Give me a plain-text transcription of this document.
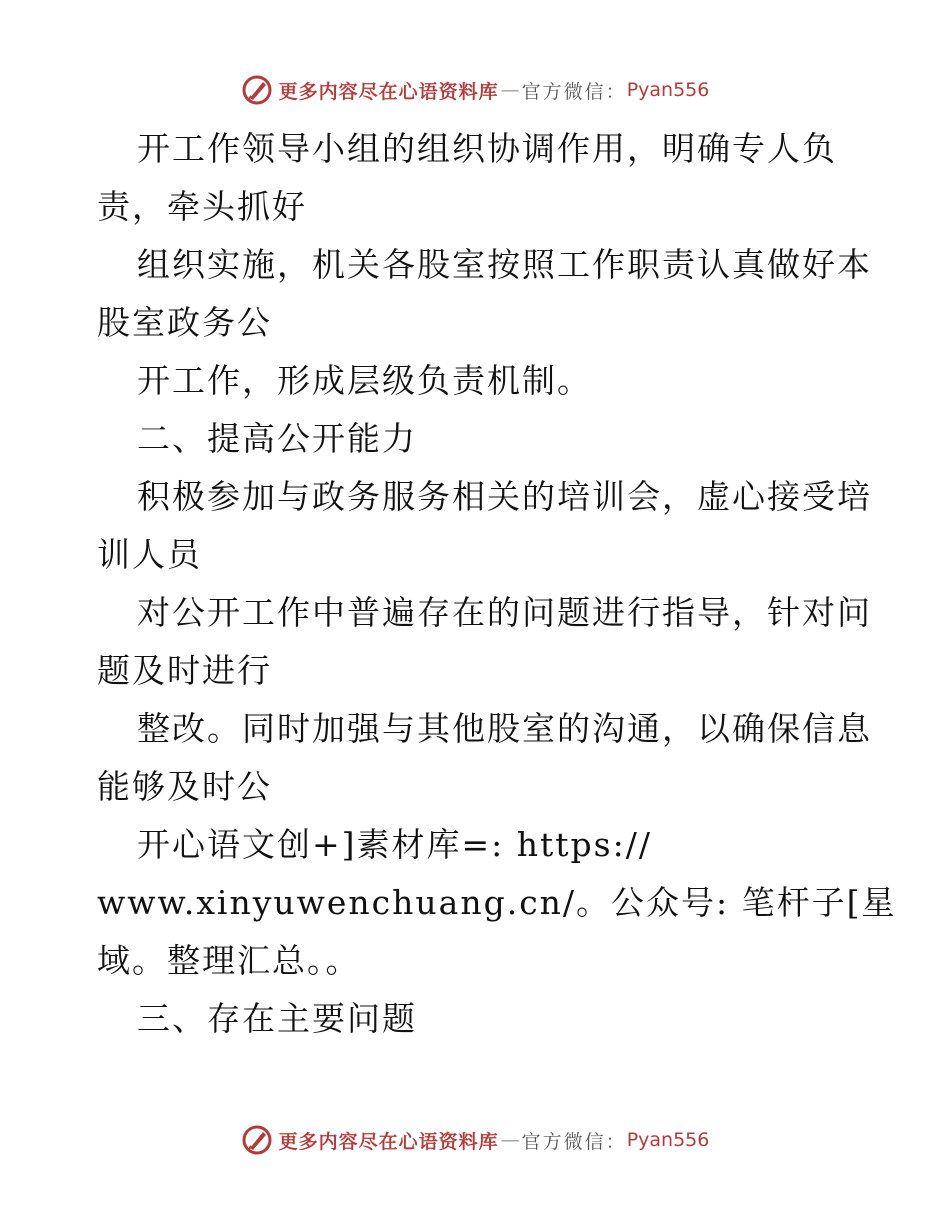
更多内容尽在心语资料库 — 官方微信： Pyan556
开工作领导小组的组织协调作用，明确专人负
责，牵头抓好
组织实施，机关各股室按照工作职责认真做好本
股室政务公
开工作，形成层级负责机制。
二、提高公开能力
积极参加与政务服务相关的培训会，虚心接受培
训人员
对公开工作中普遍存在的问题进行指导，针对问
题及时进行
整改。同时加强与其他股室的沟通，以确保信息
能够及时公
开心语文创+]素材库=: https://
www.xinyuwenchuang.cn/。公众号: 笔杆子[星
域。整理汇总。。
三、存在主要问题
更多内容尽在心语资料库 — 官方微信： Pyan556
